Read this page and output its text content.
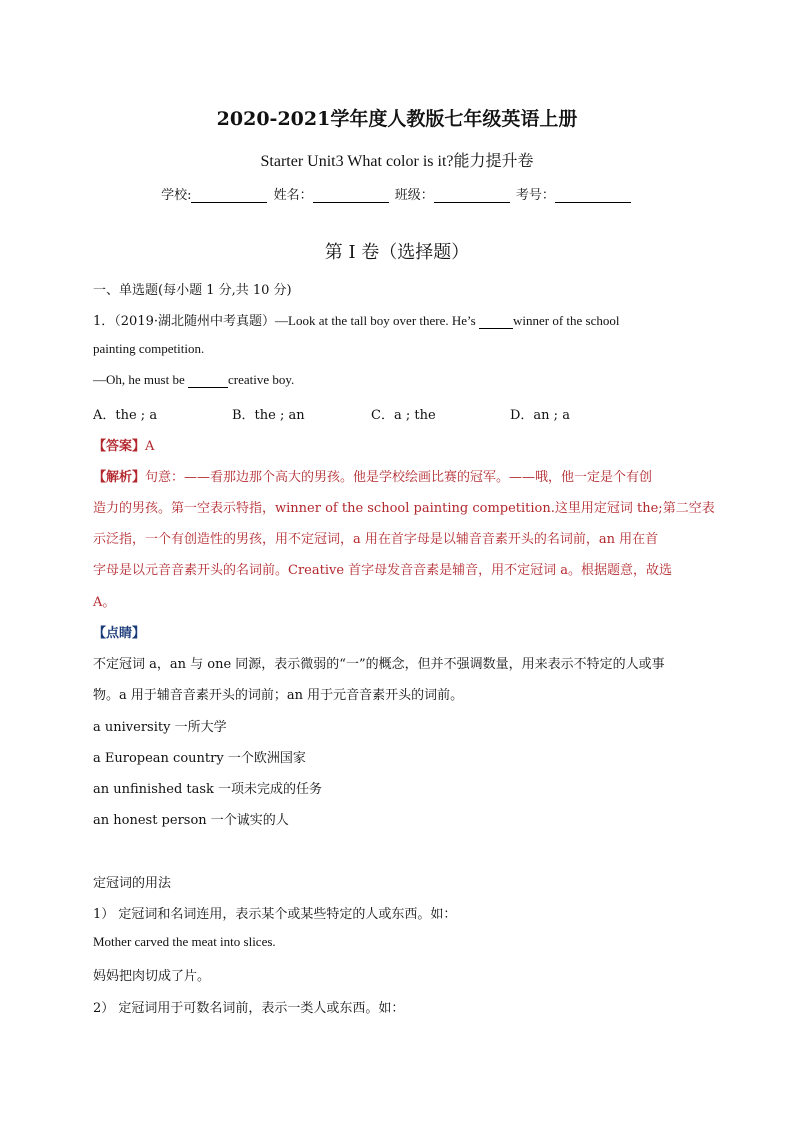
2020-2021学年度人教版七年级英语上册
Starter Unit3 What color is it?能力提升卷
学校:	姓名：	班级：	考号：
第 I 卷（选择题）
一、单选题(每小题 1 分,共 10 分)
1．（2019·湖北随州中考真题）—Look at the tall boy over there. He’s	winner of the school
painting competition.
—Oh, he must be	creative boy.
A．the ; a	B．the ; an	C．a ; the	D．an ; a
【答案】A
【解析】句意：——看那边那个高大的男孩。他是学校绘画比赛的冠军。——哦，他一定是个有创
造力的男孩。第一空表示特指，winner of the school painting competition.这里用定冠词 the;第二空表
示泛指，一个有创造性的男孩，用不定冠词，a 用在首字母是以辅音音素开头的名词前，an 用在首
字母是以元音音素开头的名词前。Creative 首字母发音音素是辅音，用不定冠词 a。根据题意，故选
A。
【点睛】
不定冠词 a，an 与 one 同源，表示微弱的“一”的概念，但并不强调数量，用来表示不特定的人或事
物。a 用于辅音音素开头的词前；an 用于元音音素开头的词前。
a university 一所大学
a European country 一个欧洲国家
an unfinished task 一项未完成的任务
an honest person 一个诚实的人
定冠词的用法
1） 定冠词和名词连用，表示某个或某些特定的人或东西。如：
Mother carved the meat into slices.
妈妈把肉切成了片。
2） 定冠词用于可数名词前，表示一类人或东西。如：
